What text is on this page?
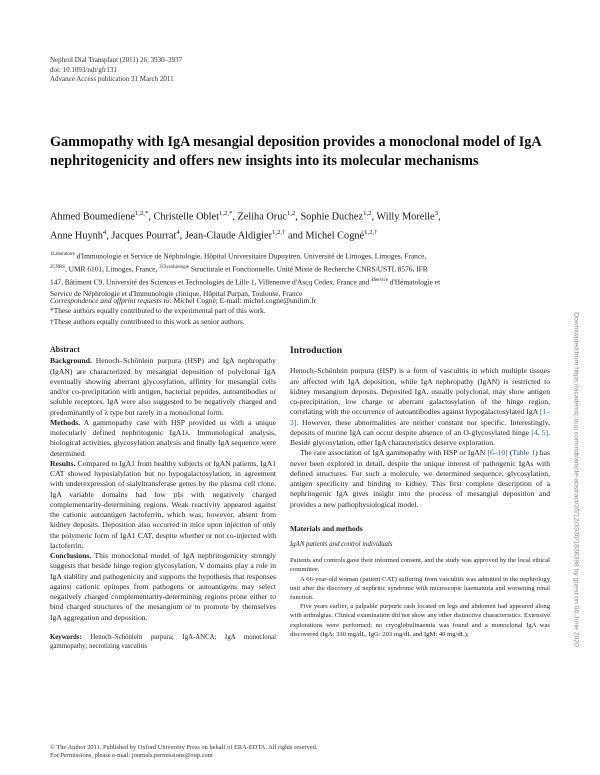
Nephrol Dial Transplant (2011) 26: 3930–3937
doi: 10.1093/ndt/gfr131
Advance Access publication 31 March 2011
Gammopathy with IgA mesangial deposition provides a monoclonal model of IgA nephritogenicity and offers new insights into its molecular mechanisms
Ahmed Boumediene$^{1,2,*}$, Christelle Oblet$^{1,2,*}$, Zeliha Oruc$^{1,2}$, Sophie Duchez$^{1,2}$, Willy Morelle$^3$,
Anne Huynh$^4$, Jacques Pourrat$^4$, Jean-Claude Aldigier$^{1,2,\dagger}$ and Michel Cogné$^{1,2,\dagger}$
$^{1Laboratoire}$ d'Immunologie et Service de Néphrologie, Hôpital Universitaire Dupuytren, Université de Limoges, Limoges, France,
$^{2CNRS}$, UMR 6101, Limoges, France, $^{3Glycobiologie}$ Structurale et Fonctionnelle, Unité Mixte de Recherche CNRS/USTL 8576, IFR
147, Bâtiment C9, Université des Sciences et Technologies de Lille 1, Villeneuve d'Ascq Cedex, France and $^{4Service}$ d'Hématologie et
Service de Néphrologie et d'Immunologie clinique, Hôpital Purpan, Toulouse, France
Correspondence and offprint requests to: Michel Cogné; E-mail: michel.cogne@unilim.fr
*These authors equally contributed to the experimental part of this work.
†These authors equally contributed to this work as senior authors.
Abstract

Background. Henoch–Schönlein purpura (HSP) and IgA nephropathy (IgAN) are characterized by mesangial deposition of polyclonal IgA eventually showing aberrant glycosylation, affinity for mesangial cells and/or co-precipitation with antigen, bacterial peptides, autoantibodies or soluble receptors. IgA were also suggested to be negatively charged and predominantly of λ type but rarely in a monoclonal form.

Methods. A gammopathy case with HSP provided us with a unique molecularly defined nephritogenic IgA1λ. Immunological analysis, biological activities, glycosylation analysis and finally IgA sequence were determined.

Results. Compared to IgA1 from healthy subjects or IgAN patients, IgA1 CAT showed hyposialylation but no hypogalactosylation, in agreement with underexpression of sialyltransferase genes by the plasma cell clone. IgA variable domains had low pIs with negatively charged complementarity-determining regions. Weak reactivity appeared against the cationic autoantigen lactoferrin, which was, however, absent from kidney deposits. Deposition also occurred in mice upon injection of only the polymeric form of IgA1 CAT, despite whether or not co-injected with lactoferrin.

Conclusions. This monoclonal model of IgA nephritogenicity strongly suggests that beside hinge region glycosylation, V domains play a role in IgA stability and pathogenicity and supports the hypothesis that responses against cationic epitopes from pathogens or autoantigens may select negatively charged complementarity-determining regions prone either to bind charged structures of the mesangium or to promote by themselves IgA aggregation and deposition.

Keywords: Henoch–Schönlein purpura; IgA-ANCA; IgA monoclonal gammopathy; necrotizing vasculitis
Introduction

Henoch–Schönlein purpura (HSP) is a form of vasculitis in which multiple tissues are affected with IgA deposition, while IgA nephropathy (IgAN) is restricted to kidney mesangium deposits. Deposited IgA, usually polyclonal, may show antigen co-precipitation, low charge or aberrant galactosylation of the hinge region, correlating with the occurrence of autoantibodies against hypogalactosylated IgA [1–3]. However, these abnormalities are neither constant nor specific. Interestingly, deposits of murine IgA can occur despite absence of an O-glycosylated hinge [4, 5]. Beside glycosylation, other IgA characteristics deserve exploration.

The rare association of IgA gammopathy with HSP or IgAN [6–10] (Table 1) has never been explored in detail, despite the unique interest of pathogenic IgAs with defined structures. For such a molecule, we determined sequence, glycosylation, antigen specificity and binding to kidney. This first complete description of a nephritogenic IgA gives insight into the process of mesangial deposition and provides a new pathophysiological model.

Materials and methods
IgAN patients and control individuals

Patients and controls gave their informed consent, and the study was approved by the local ethical committee.

A 66-year-old woman (patient CAT) suffering from vasculitis was admitted in the nephrology unit after the discovery of nephritic syndrome with microscopic haematuria and worsening renal function.

Five years earlier, a palpable purpuric rash located on legs and abdomen had appeared along with arthralgias. Clinical examination did not show any other distinctive characteristics. Extensive explorations were performed; no cryoglobulinaemia was found and a monoclonal IgA was discovered (IgA: 330 mg/dL, IgG: 203 mg/dL and IgM: 40 mg/dL);

© The Author 2011. Published by Oxford University Press on behalf of ERA-EDTA. All rights reserved.
For Permissions, please e-mail: journals.permissions@oup.com
Downloaded from https://academic.oup.com/ndt/article-abstract/26/12/3930/1836398 by guest on 06 June 2020
